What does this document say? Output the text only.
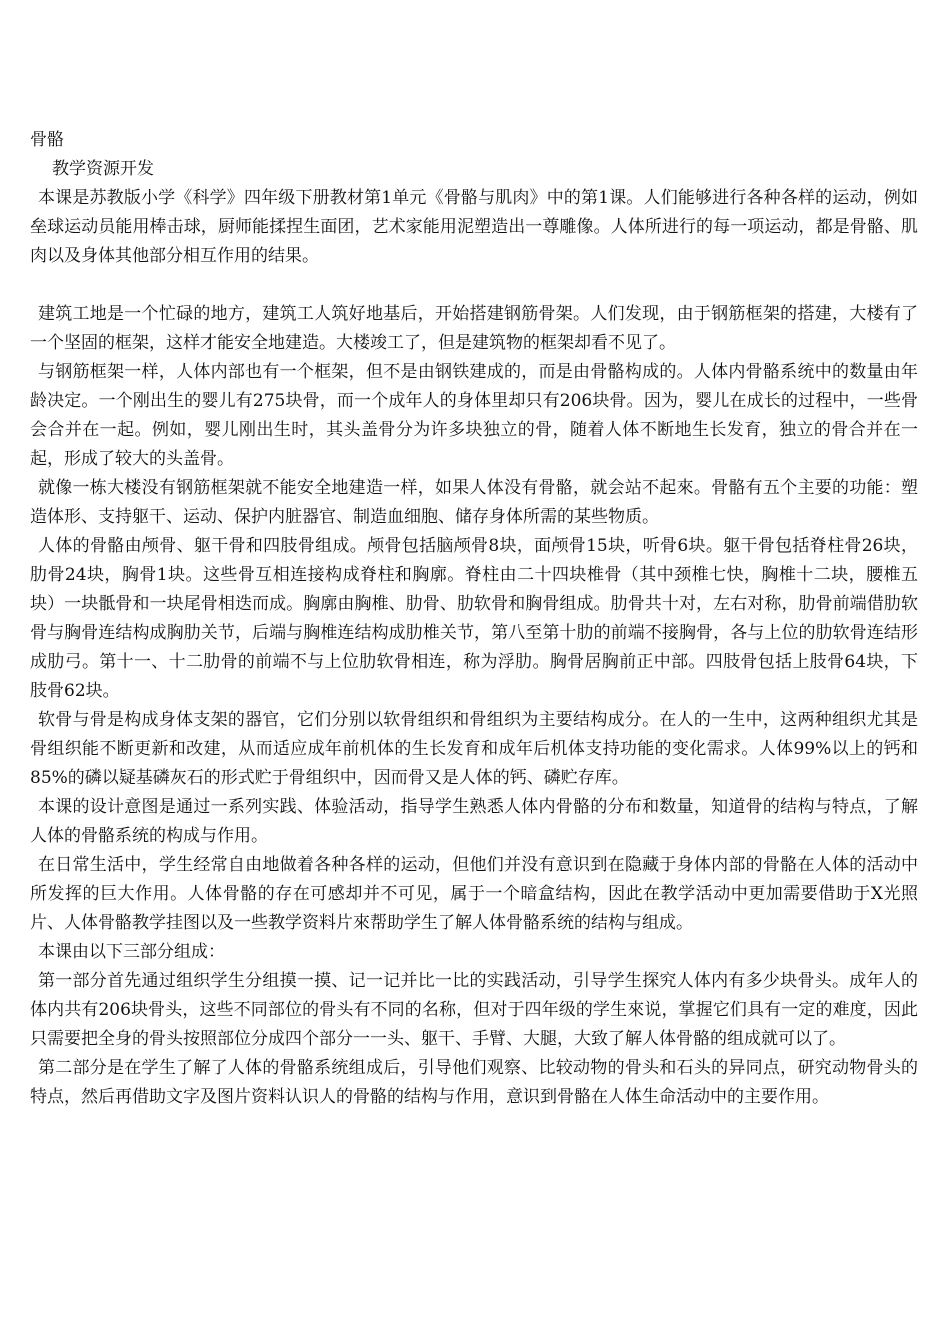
骨骼

教学资源开发

本课是苏教版小学《科学》四年级下册教材第1单元《骨骼与肌肉》中的第1课。人们能够进行各种各样的运动，例如垒球运动员能用棒击球，厨师能揉捏生面团，艺术家能用泥塑造出一尊雕像。人体所进行的每一项运动，都是骨骼、肌肉以及身体其他部分相互作用的结果。

建筑工地是一个忙碌的地方，建筑工人筑好地基后，开始搭建钢筋骨架。人们发现，由于钢筋框架的搭建，大楼有了一个坚固的框架，这样才能安全地建造。大楼竣工了，但是建筑物的框架却看不见了。

与钢筋框架一样，人体内部也有一个框架，但不是由钢铁建成的，而是由骨骼构成的。人体内骨骼系统中的数量由年龄决定。一个刚出生的婴儿有275块骨，而一个成年人的身体里却只有206块骨。因为，婴儿在成长的过程中，一些骨会合并在一起。例如，婴儿刚出生时，其头盖骨分为许多块独立的骨，随着人体不断地生长发育，独立的骨合并在一起，形成了较大的头盖骨。

就像一栋大楼没有钢筋框架就不能安全地建造一样，如果人体没有骨骼，就会站不起來。骨骼有五个主要的功能：塑造体形、支持躯干、运动、保护内脏器官、制造血细胞、储存身体所需的某些物质。

人体的骨骼由颅骨、躯干骨和四肢骨组成。颅骨包括脑颅骨8块，面颅骨15块，听骨6块。躯干骨包括脊柱骨26块，肋骨24块，胸骨1块。这些骨互相连接构成脊柱和胸廓。脊柱由二十四块椎骨（其中颈椎七快，胸椎十二块，腰椎五块）一块骶骨和一块尾骨相迭而成。胸廓由胸椎、肋骨、肋软骨和胸骨组成。肋骨共十对，左右对称，肋骨前端借肋软骨与胸骨连结构成胸肋关节，后端与胸椎连结构成肋椎关节，第八至第十肋的前端不接胸骨，各与上位的肋软骨连结形成肋弓。第十一、十二肋骨的前端不与上位肋软骨相连，称为浮肋。胸骨居胸前正中部。四肢骨包括上肢骨64块，下肢骨62块。

软骨与骨是构成身体支架的器官，它们分别以软骨组织和骨组织为主要结构成分。在人的一生中，这两种组织尤其是骨组织能不断更新和改建，从而适应成年前机体的生长发育和成年后机体支持功能的变化需求。人体99%以上的钙和85%的磷以疑基磷灰石的形式贮于骨组织中，因而骨又是人体的钙、磷贮存库。

本课的设计意图是通过一系列实践、体验活动，指导学生熟悉人体内骨骼的分布和数量，知道骨的结构与特点，了解人体的骨骼系统的构成与作用。

在日常生活中，学生经常自由地做着各种各样的运动，但他们并没有意识到在隐藏于身体内部的骨骼在人体的活动中所发挥的巨大作用。人体骨骼的存在可感却并不可见，属于一个暗盒结构，因此在教学活动中更加需要借助于X光照片、人体骨骼教学挂图以及一些教学资料片來帮助学生了解人体骨骼系统的结构与组成。

本课由以下三部分组成：

第一部分首先通过组织学生分组摸一摸、记一记并比一比的实践活动，引导学生探究人体内有多少块骨头。成年人的体内共有206块骨头，这些不同部位的骨头有不同的名称，但对于四年级的学生來说，掌握它们具有一定的难度，因此只需要把全身的骨头按照部位分成四个部分一一头、躯干、手臂、大腿，大致了解人体骨骼的组成就可以了。

第二部分是在学生了解了人体的骨骼系统组成后，引导他们观察、比较动物的骨头和石头的异同点，研究动物骨头的特点，然后再借助文字及图片资料认识人的骨骼的结构与作用，意识到骨骼在人体生命活动中的主要作用。
